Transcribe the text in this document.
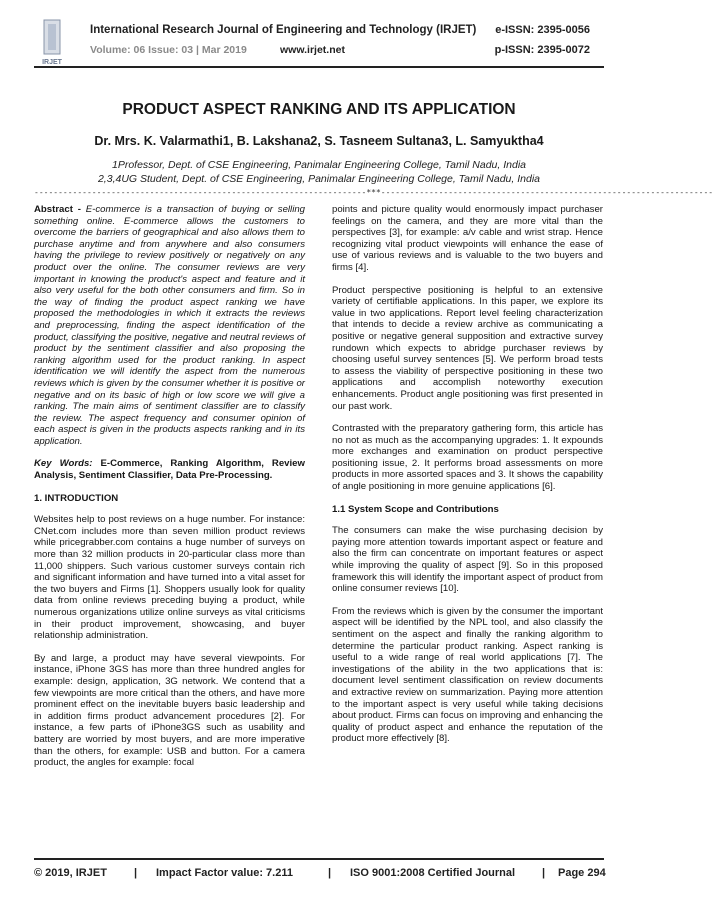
IRJET
International Research Journal of Engineering and Technology (IRJET) e-ISSN: 2395-0056
Volume: 06 Issue: 03 | Mar 2019	www.irjet.net	p-ISSN: 2395-0072
PRODUCT ASPECT RANKING AND ITS APPLICATION
Dr. Mrs. K. Valarmathi1, B. Lakshana2, S. Tasneem Sultana3, L. Samyuktha4
1Professor, Dept. of CSE Engineering, Panimalar Engineering College, Tamil Nadu, India
2,3,4UG Student, Dept. of CSE Engineering, Panimalar Engineering College, Tamil Nadu, India
---------------------------------------------------------------------***---------------------------------------------------------------------

Abstract - E-commerce is a transaction of buying or selling something online. E-commerce allows the customers to overcome the barriers of geographical and also allows them to purchase anytime and from anywhere and also consumers having the privilege to review positively or negatively on any product over the online. The consumer reviews are very important in knowing the product's aspect and feature and it also very useful for the both other consumers and firm. So in the way of finding the product aspect ranking we have proposed the methodologies in which it extracts the reviews and preprocessing, finding the aspect identification of the product, classifying the positive, negative and neutral reviews of product by the sentiment classifier and also proposing the ranking algorithm used for the product ranking. In aspect identification we will identify the aspect from the numerous reviews which is given by the consumer whether it is positive or negative and on its basic of high or low score we will give a ranking. The main aims of sentiment classifier are to classify the review. The aspect frequency and consumer opinion of each aspect is given in the products aspects ranking and in its application.

Key Words: E-Commerce, Ranking Algorithm, Review Analysis, Sentiment Classifier, Data Pre-Processing.

1. INTRODUCTION

Websites help to post reviews on a huge number. For instance: CNet.com includes more than seven million product reviews while pricegrabber.com contains a huge number of surveys on more than 32 million products in 20-particular class more than 11,000 shippers. Such various customer surveys contain rich and significant information and have turned into a vital asset for the two buyers and Firms [1]. Shoppers usually look for quality data from online reviews preceding buying a product, while numerous organizations utilize online surveys as vital criticisms in their product improvement, showcasing, and buyer relationship administration.

By and large, a product may have several viewpoints. For instance, iPhone 3GS has more than three hundred angles for example: design, application, 3G network. We contend that a few viewpoints are more critical than the others, and have more prominent effect on the inevitable buyers basic leadership and in addition firms product advancement procedures [2]. For instance, a few parts of iPhone3GS such as usability and battery are worried by most buyers, and are more imperative than the others, for example: USB and button. For a camera product, the angles for example: focal

points and picture quality would enormously impact purchaser feelings on the camera, and they are more vital than the perspectives [3], for example: a/v cable and wrist strap. Hence recognizing vital product viewpoints will enhance the ease of use of various reviews and is valuable to the two buyers and firms [4].

Product perspective positioning is helpful to an extensive variety of certifiable applications. In this paper, we explore its value in two applications. Report level feeling characterization that intends to decide a review archive as communicating a positive or negative general supposition and extractive survey rundown which expects to abridge purchaser reviews by choosing useful survey sentences [5]. We perform broad tests to assess the viability of perspective positioning in these two applications and accomplish noteworthy execution enhancements. Product angle positioning was first presented in our past work.

Contrasted with the preparatory gathering form, this article has no not as much as the accompanying upgrades: 1. It expounds more exchanges and examination on product perspective positioning issue, 2. It performs broad assessments on more products in more assorted spaces and 3. It shows the capability of angle positioning in more genuine applications [6].

1.1 System Scope and Contributions

The consumers can make the wise purchasing decision by paying more attention towards important aspect or feature and also the firm can concentrate on important features or aspect while improving the quality of aspect [9]. So in this proposed framework this will identify the important aspect of product from online consumer reviews [10].

From the reviews which is given by the consumer the important aspect will be identified by the NPL tool, and also classify the sentiment on the aspect and finally the ranking algorithm to determine the particular product ranking. Aspect ranking is useful to a wide range of real world applications [7]. The investigations of the ability in the two applications that is: document level sentiment classification on review documents and extractive review on summarization. Paying more attention to the important aspect is very useful while taking decisions about product. Firms can focus on improving and enhancing the quality of product aspect and enhance the reputation of the product more effectively [8].

© 2019, IRJET | Impact Factor value: 7.211	| ISO 9001:2008 Certified Journal | Page 294
